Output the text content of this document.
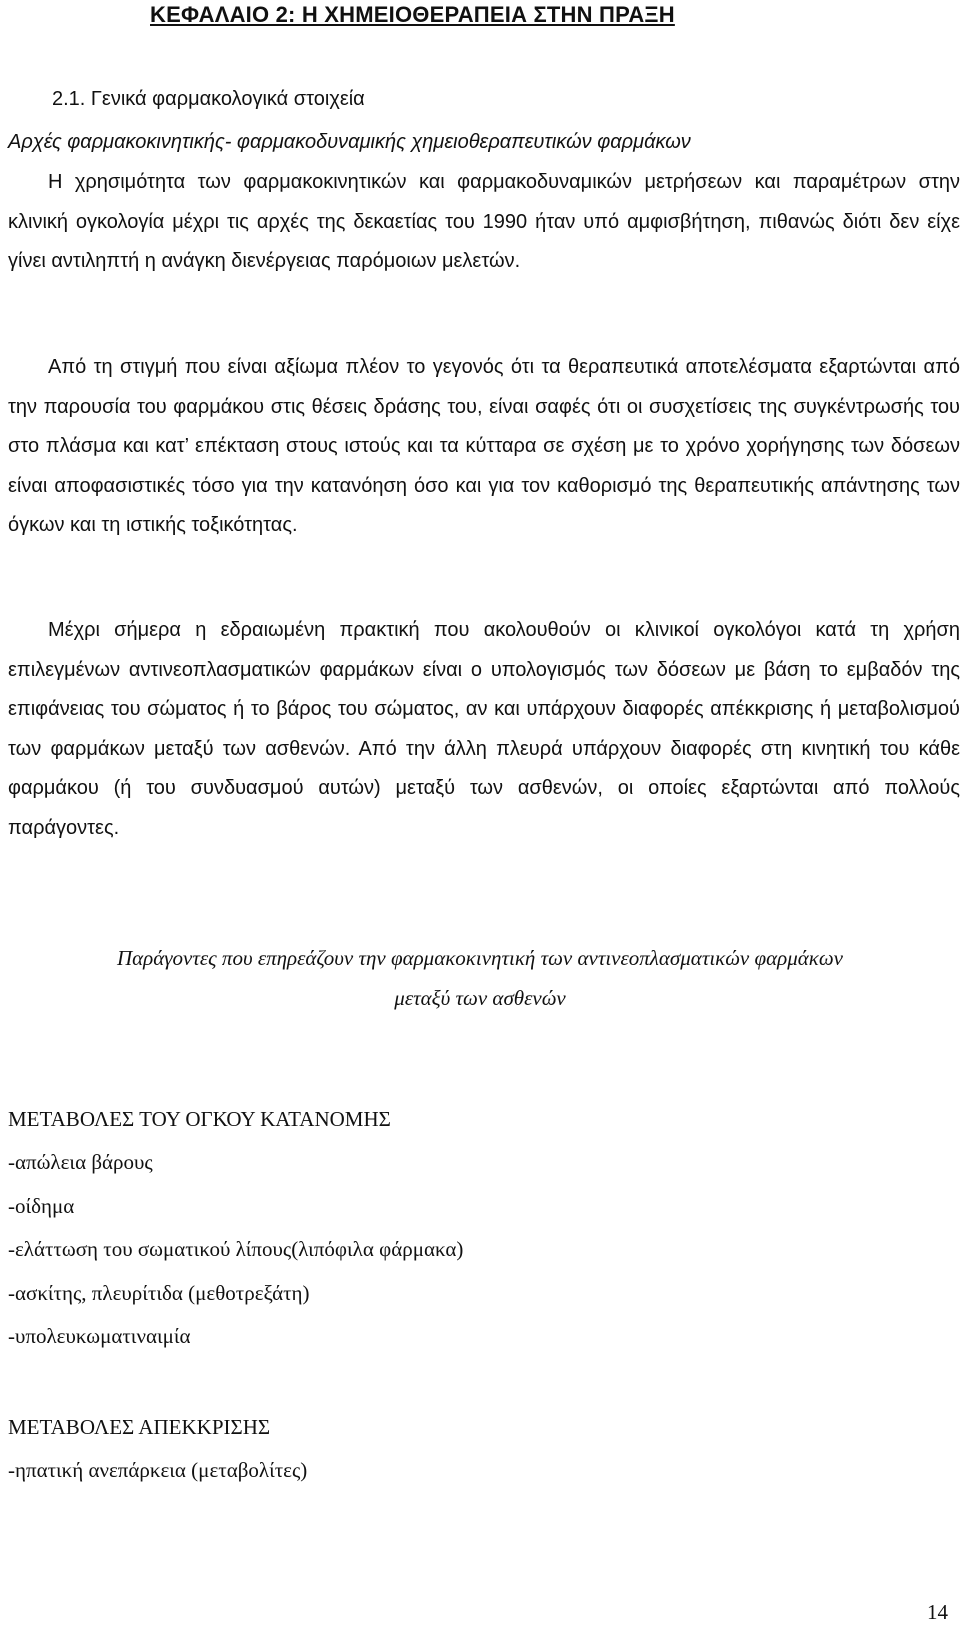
ΚΕΦΑΛΑΙΟ 2: Η ΧΗΜΕΙΟΘΕΡΑΠΕΙΑ ΣΤΗΝ ΠΡΑΞΗ
2.1. Γενικά φαρμακολογικά στοιχεία
Αρχές φαρμακοκινητικής- φαρμακοδυναμικής χημειοθεραπευτικών φαρμάκων

Η χρησιμότητα των φαρμακοκινητικών και φαρμακοδυναμικών μετρήσεων και παραμέτρων στην κλινική ογκολογία μέχρι τις αρχές της δεκαετίας του 1990 ήταν υπό αμφισβήτηση, πιθανώς διότι δεν είχε γίνει αντιληπτή η ανάγκη διενέργειας παρόμοιων μελετών.

Από τη στιγμή που είναι αξίωμα πλέον το γεγονός ότι τα θεραπευτικά αποτελέσματα εξαρτώνται από την παρουσία του φαρμάκου στις θέσεις δράσης του, είναι σαφές ότι οι συσχετίσεις της συγκέντρωσής του στο πλάσμα και κατ’ επέκταση στους ιστούς και τα κύτταρα σε σχέση με το χρόνο χορήγησης των δόσεων είναι αποφασιστικές τόσο για την κατανόηση όσο και για τον καθορισμό της θεραπευτικής απάντησης των όγκων και τη ιστικής τοξικότητας.

Μέχρι σήμερα η εδραιωμένη πρακτική που ακολουθούν οι κλινικοί ογκολόγοι κατά τη χρήση επιλεγμένων αντινεοπλασματικών φαρμάκων είναι ο υπολογισμός των δόσεων με βάση το εμβαδόν της επιφάνειας του σώματος ή το βάρος του σώματος, αν και υπάρχουν διαφορές απέκκρισης ή μεταβολισμού των φαρμάκων μεταξύ των ασθενών. Από την άλλη πλευρά υπάρχουν διαφορές στη κινητική του κάθε φαρμάκου (ή του συνδυασμού αυτών) μεταξύ των ασθενών, οι οποίες εξαρτώνται από πολλούς παράγοντες.

Παράγοντες που επηρεάζουν την φαρμακοκινητική των αντινεοπλασματικών φαρμάκων
μεταξύ των ασθενών
ΜΕΤΑΒΟΛΕΣ ΤΟΥ ΟΓΚΟΥ ΚΑΤΑΝΟΜΗΣ
-απώλεια βάρους
-οίδημα
-ελάττωση του σωματικού λίπους(λιπόφιλα φάρμακα)
-ασκίτης, πλευρίτιδα (μεθοτρεξάτη)
-υπολευκωματιναιμία
ΜΕΤΑΒΟΛΕΣ ΑΠΕΚΚΡΙΣΗΣ
-ηπατική ανεπάρκεια (μεταβολίτες)
14
